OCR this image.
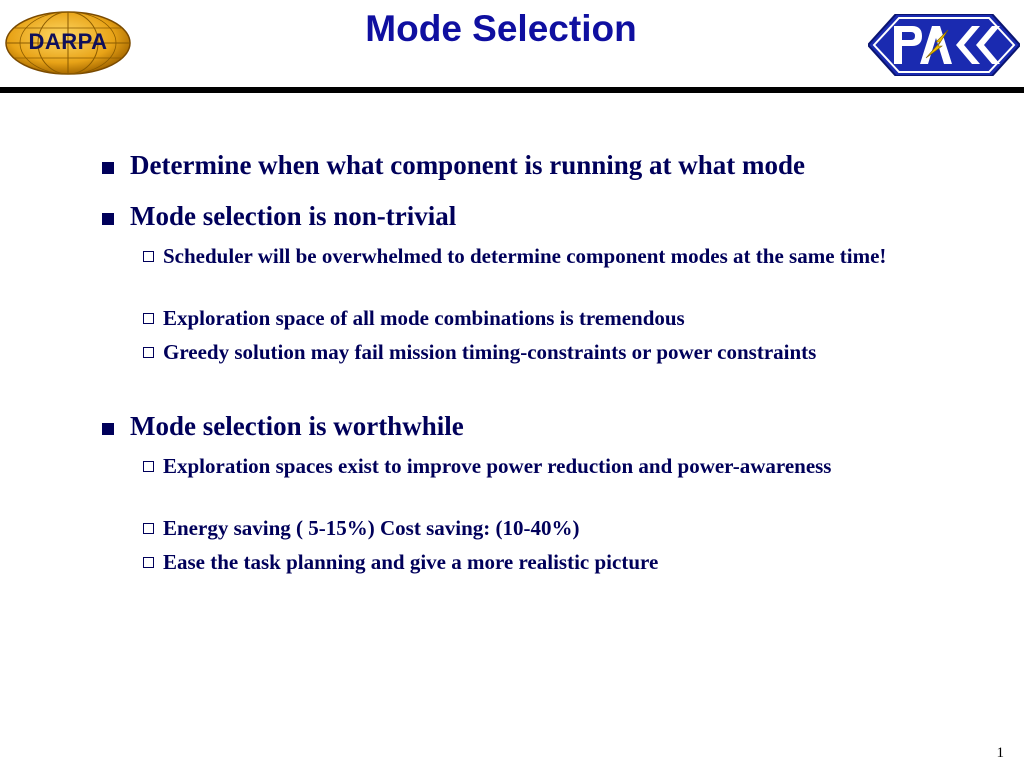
DARPA	Mode Selection
Determine when what component is running at what mode
Mode selection is non-trivial
Scheduler will be overwhelmed to determine component modes at the same time!
Exploration space of all mode combinations is tremendous
Greedy solution may fail mission timing-constraints or power constraints
Mode selection is worthwhile
Exploration spaces exist to improve power reduction and power-awareness
Energy saving ( 5-15%) Cost saving: (10-40%)
Ease the task planning and give a more realistic picture
1
